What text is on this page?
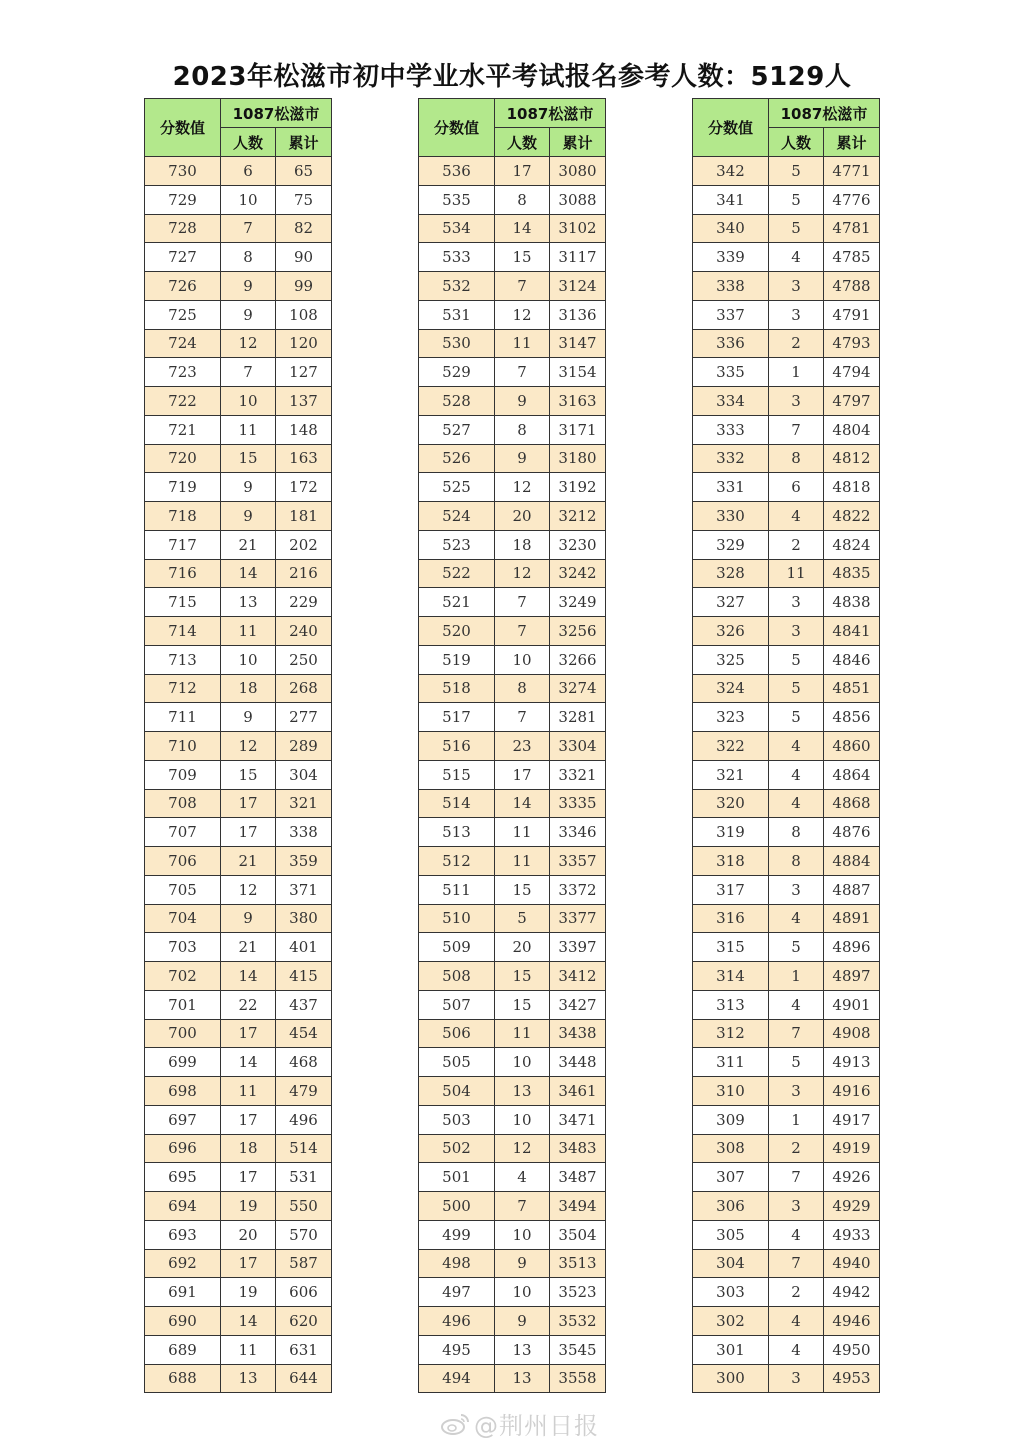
2023年松滋市初中学业水平考试报名参考人数：5129人
分数值	1087松滋市	
	人数	累计
730	6	65
729	10	75
728	7	82
727	8	90
726	9	99
725	9	108
724	12	120
723	7	127
722	10	137
721	11	148
720	15	163
719	9	172
718	9	181
717	21	202
716	14	216
715	13	229
714	11	240
713	10	250
712	18	268
711	9	277
710	12	289
709	15	304
708	17	321
707	17	338
706	21	359
705	12	371
704	9	380
703	21	401
702	14	415
701	22	437
700	17	454
699	14	468
698	11	479
697	17	496
696	18	514
695	17	531
694	19	550
693	20	570
692	17	587
691	19	606
690	14	620
689	11	631
688	13	644
分数值	1087松滋市	
	人数	累计
536	17	3080
535	8	3088
534	14	3102
533	15	3117
532	7	3124
531	12	3136
530	11	3147
529	7	3154
528	9	3163
527	8	3171
526	9	3180
525	12	3192
524	20	3212
523	18	3230
522	12	3242
521	7	3249
520	7	3256
519	10	3266
518	8	3274
517	7	3281
516	23	3304
515	17	3321
514	14	3335
513	11	3346
512	11	3357
511	15	3372
510	5	3377
509	20	3397
508	15	3412
507	15	3427
506	11	3438
505	10	3448
504	13	3461
503	10	3471
502	12	3483
501	4	3487
500	7	3494
499	10	3504
498	9	3513
497	10	3523
496	9	3532
495	13	3545
494	13	3558
分数值	1087松滋市	
	人数	累计
342	5	4771
341	5	4776
340	5	4781
339	4	4785
338	3	4788
337	3	4791
336	2	4793
335	1	4794
334	3	4797
333	7	4804
332	8	4812
331	6	4818
330	4	4822
329	2	4824
328	11	4835
327	3	4838
326	3	4841
325	5	4846
324	5	4851
323	5	4856
322	4	4860
321	4	4864
320	4	4868
319	8	4876
318	8	4884
317	3	4887
316	4	4891
315	5	4896
314	1	4897
313	4	4901
312	7	4908
311	5	4913
310	3	4916
309	1	4917
308	2	4919
307	7	4926
306	3	4929
305	4	4933
304	7	4940
303	2	4942
302	4	4946
301	4	4950
300	3	4953
@荆州日报
